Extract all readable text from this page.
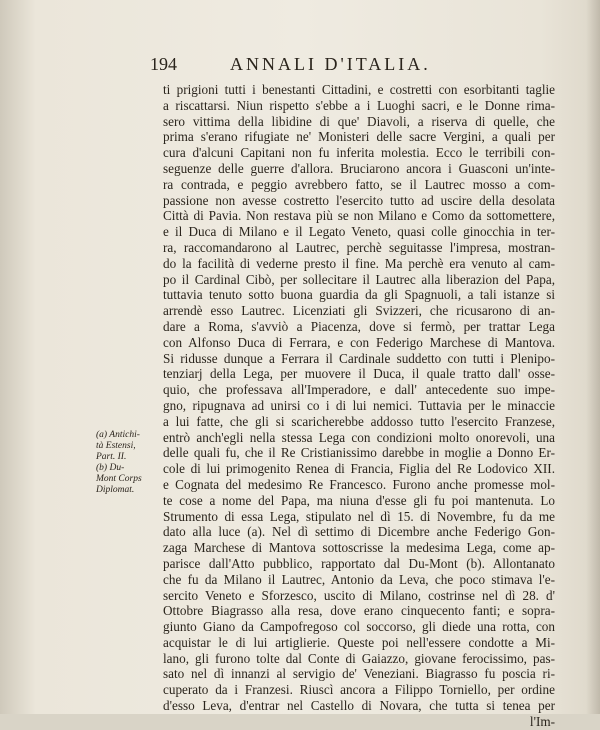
194	ANNALI D'ITALIA.
ti prigioni tutti i benestanti Cittadini, e costretti con esorbitanti taglie
a riscattarsi. Niun rispetto s'ebbe a i Luoghi sacri, e le Donne rima-
sero vittima della libidine di que' Diavoli, a riserva di quelle, che
prima s'erano rifugiate ne' Monisteri delle sacre Vergini, a quali per
cura d'alcuni Capitani non fu inferita molestia. Ecco le terribili con-
seguenze delle guerre d'allora. Bruciarono ancora i Guasconi un'inte-
ra contrada, e peggio avrebbero fatto, se il Lautrec mosso a com-
passione non avesse costretto l'esercito tutto ad uscire della desolata
Città di Pavia. Non restava più se non Milano e Como da sottomettere,
e il Duca di Milano e il Legato Veneto, quasi colle ginocchia in ter-
ra, raccomandarono al Lautrec, perchè seguitasse l'impresa, mostran-
do la facilità di vederne presto il fine. Ma perchè era venuto al cam-
po il Cardinal Cibò, per sollecitare il Lautrec alla liberazion del Papa,
tuttavia tenuto sotto buona guardia da gli Spagnuoli, a tali istanze si
arrendè esso Lautrec. Licenziati gli Svizzeri, che ricusarono di an-
dare a Roma, s'avviò a Piacenza, dove si fermò, per trattar Lega
con Alfonso Duca di Ferrara, e con Federigo Marchese di Mantova.
Si ridusse dunque a Ferrara il Cardinale suddetto con tutti i Plenipo-
tenziarj della Lega, per muovere il Duca, il quale tratto dall' osse-
quio, che professava all'Imperadore, e dall' antecedente suo impe-
gno, ripugnava ad unirsi co i di lui nemici. Tuttavia per le minaccie
a lui fatte, che gli si scaricherebbe addosso tutto l'esercito Franzese,
entrò anch'egli nella stessa Lega con condizioni molto onorevoli, una
delle quali fu, che il Re Cristianissimo darebbe in moglie a Donno Er-
cole di lui primogenito Renea di Francia, Figlia del Re Lodovico XII.
e Cognata del medesimo Re Francesco. Furono anche promesse mol-
te cose a nome del Papa, ma niuna d'esse gli fu poi mantenuta. Lo
Strumento di essa Lega, stipulato nel dì 15. di Novembre, fu da me
dato alla luce (a). Nel dì settimo di Dicembre anche Federigo Gon-
zaga Marchese di Mantova sottoscrisse la medesima Lega, come ap-
parisce dall'Atto pubblico, rapportato dal Du-Mont (b). Allontanato
che fu da Milano il Lautrec, Antonio da Leva, che poco stimava l'e-
sercito Veneto e Sforzesco, uscito di Milano, costrinse nel dì 28. d'
Ottobre Biagrasso alla resa, dove erano cinquecento fanti; e sopra-
giunto Giano da Campofregoso col soccorso, gli diede una rotta, con
acquistar le di lui artiglierie. Queste poi nell'essere condotte a Mi-
lano, gli furono tolte dal Conte di Gaiazzo, giovane ferocissimo, pas-
sato nel dì innanzi al servigio de' Veneziani. Biagrasso fu poscia ri-
cuperato da i Franzesi. Riuscì ancora a Filippo Torniello, per ordine
d'esso Leva, d'entrar nel Castello di Novara, che tutta si tenea per
l'Im-
(a) Antichi-
tà Estensi,
Part. II.
(b) Du-
Mont Corps
Diplomat.
